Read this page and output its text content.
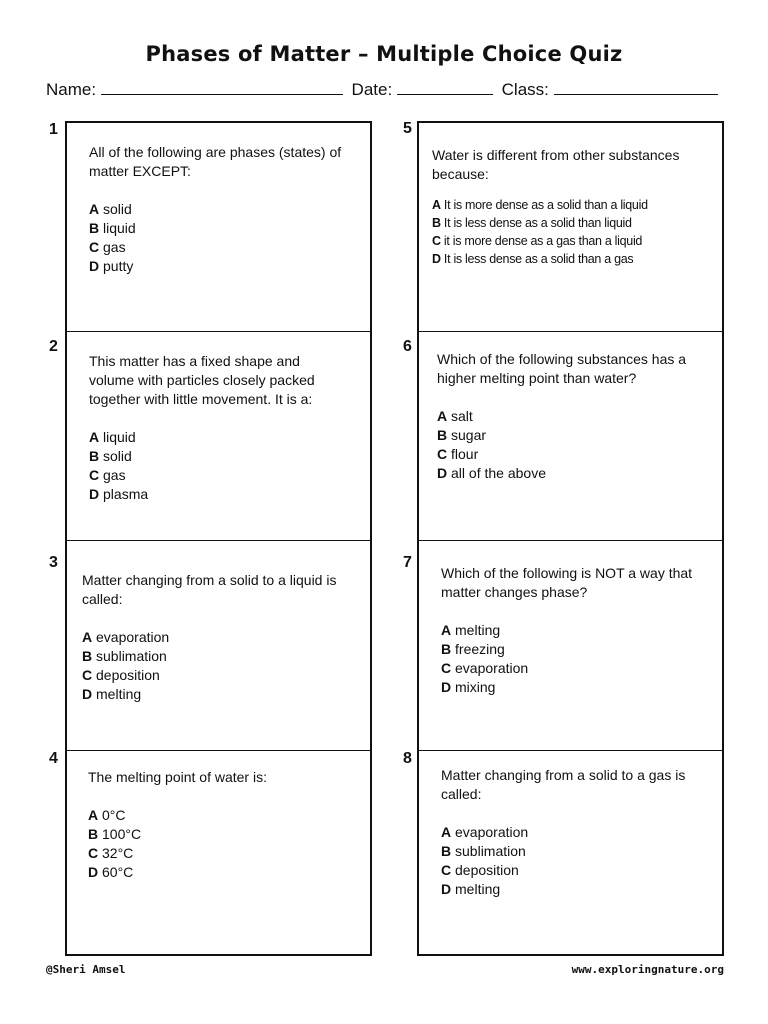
Phases of Matter – Multiple Choice Quiz
Name:	Date:	Class:
All of the following are phases (states) of matter EXCEPT:
A solid
B liquid
C gas
D putty
This matter has a fixed shape and volume with particles closely packed together with little movement. It is a:
A liquid
B solid
C gas
D plasma
Matter changing from a solid to a liquid is called:
A evaporation
B sublimation
C deposition
D melting
The melting point of water is:
A 0°C
B 100°C
C 32°C
D 60°C
Water is different from other substances because:
A It is more dense as a solid than a liquid
B It is less dense as a solid than liquid
C it is more dense as a gas than a liquid
D It is less dense as a solid than a gas
Which of the following substances has a higher melting point than water?
A salt
B sugar
C flour
D all of the above
Which of the following is NOT a way that matter changes phase?
A melting
B freezing
C evaporation
D mixing
Matter changing from a solid to a gas is called:
A evaporation
B sublimation
C deposition
D melting
1
2
3
4
5
6
7
8
@Sheri Amsel	www.exploringnature.org
